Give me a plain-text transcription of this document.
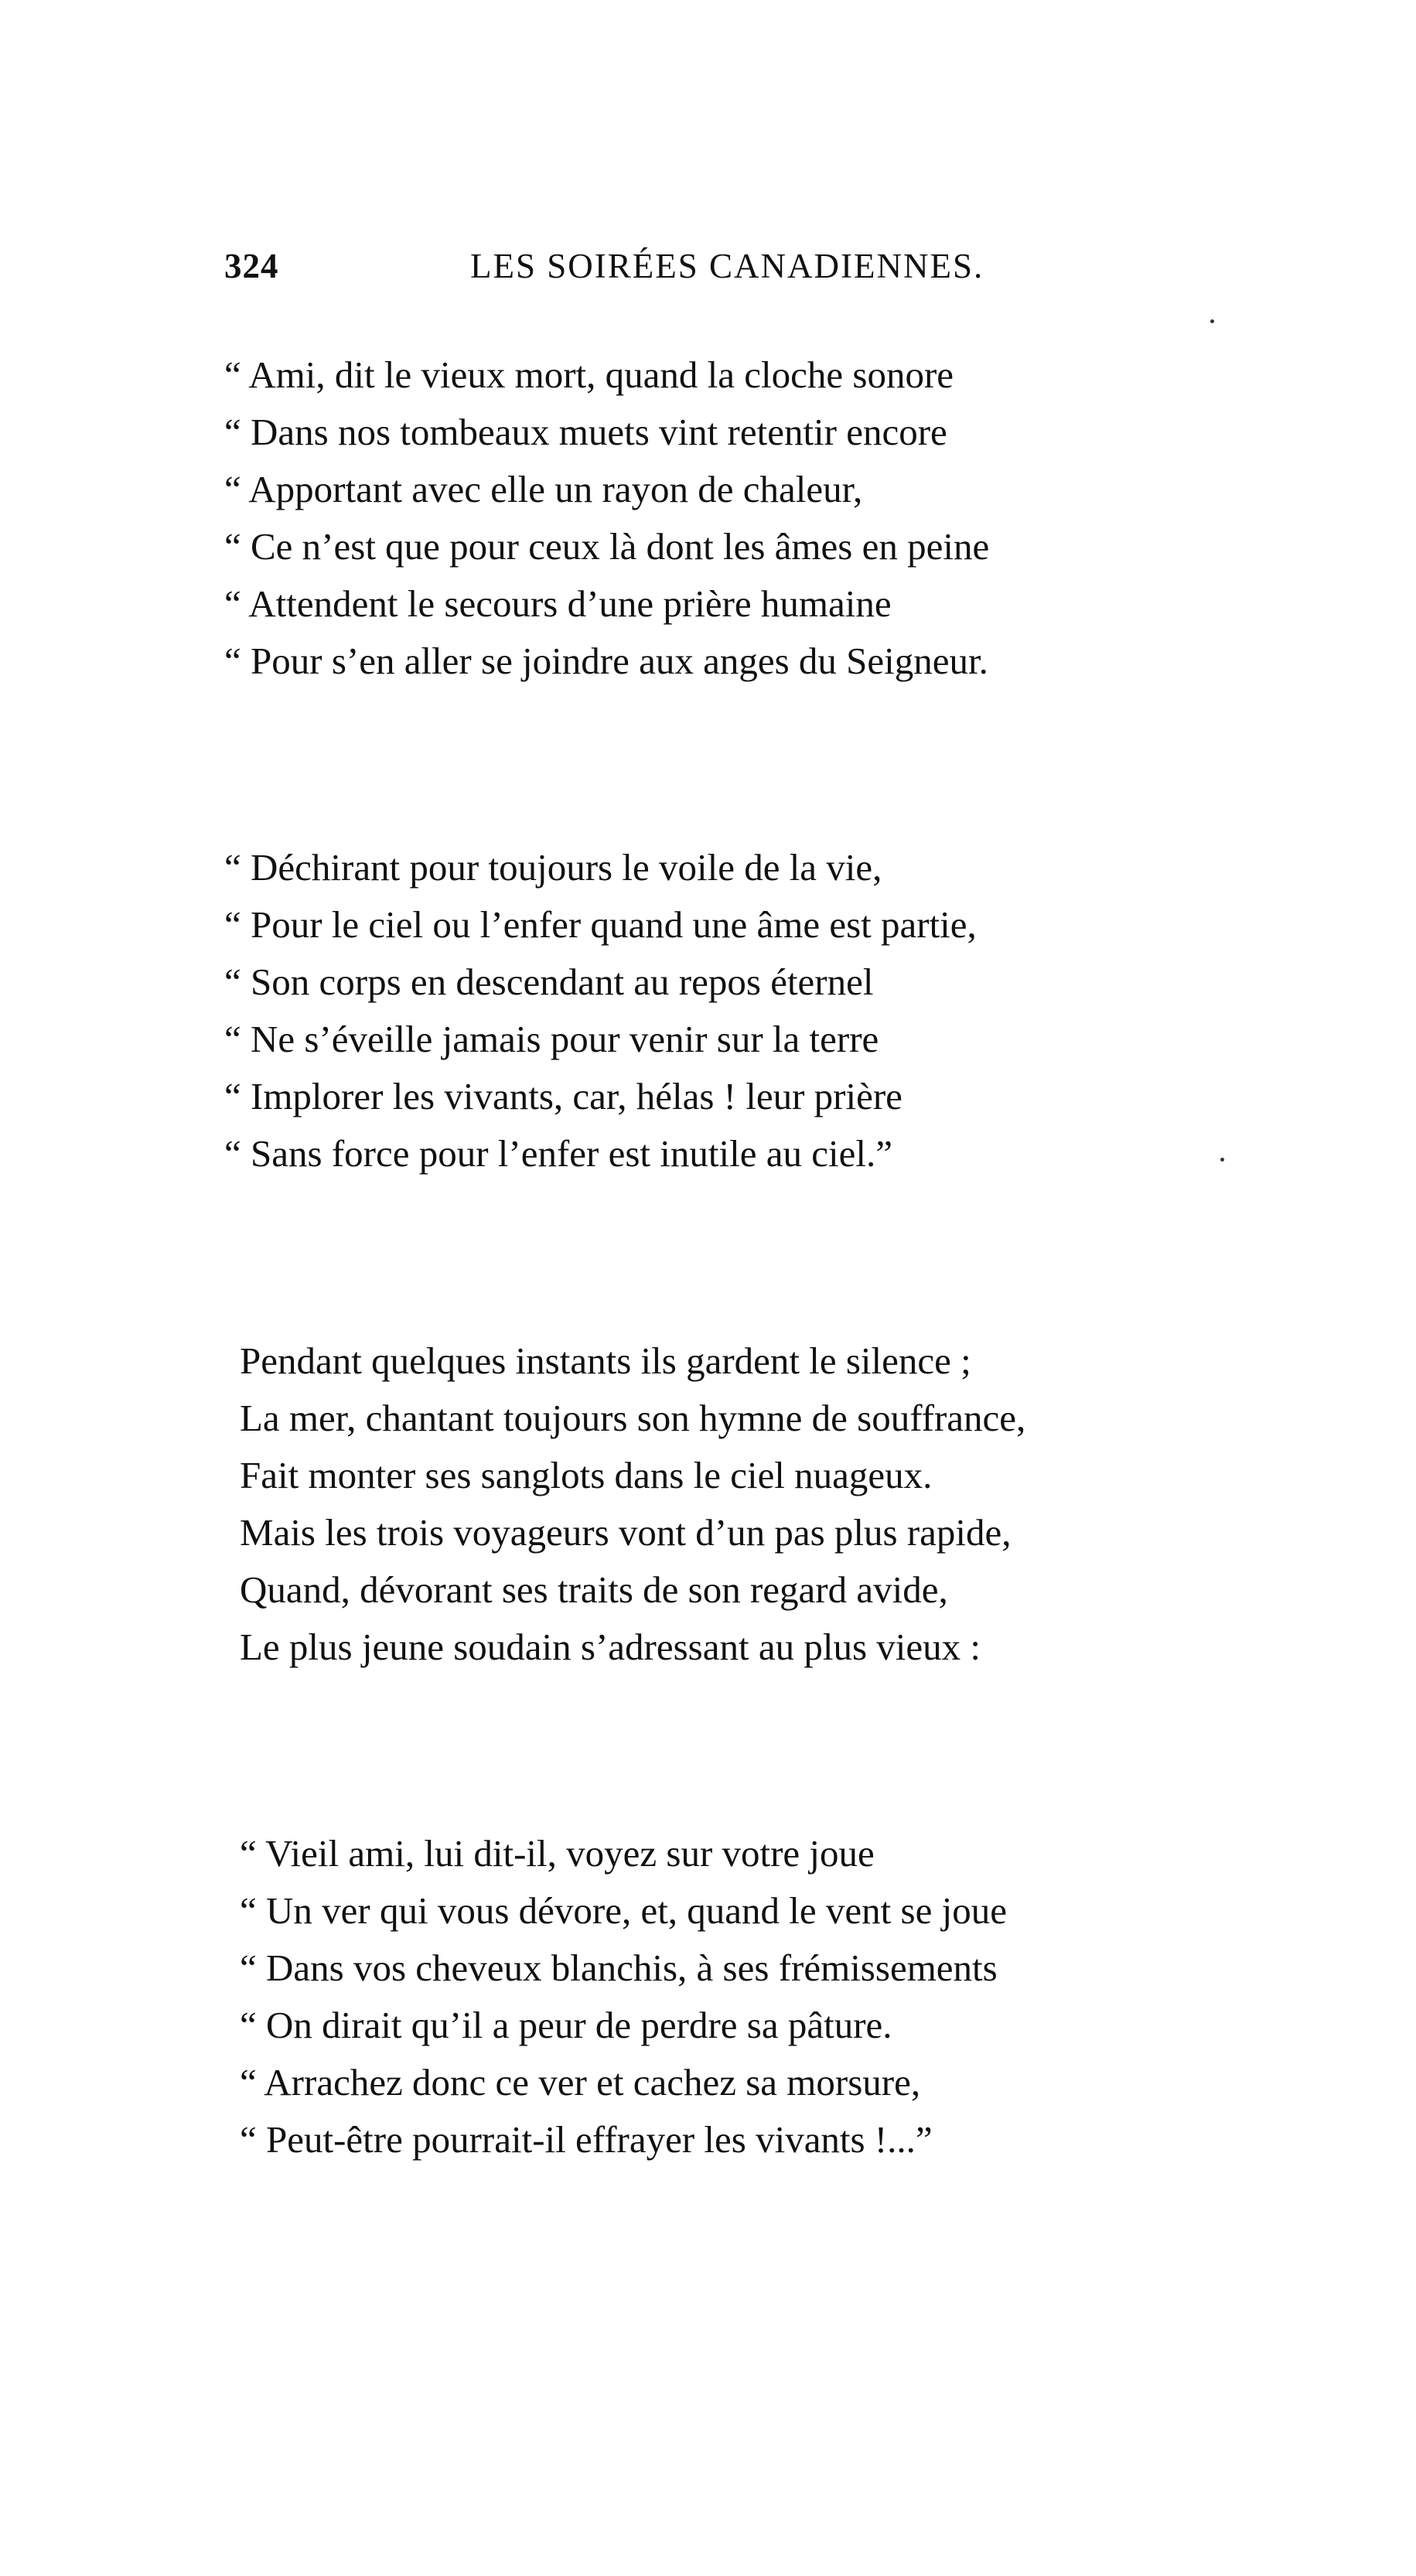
324	LES SOIRÉES CANADIENNES.
“ Ami, dit le vieux mort, quand la cloche sonore
“ Dans nos tombeaux muets vint retentir encore
“ Apportant avec elle un rayon de chaleur,
“ Ce n’est que pour ceux là dont les âmes en peine
“ Attendent le secours d’une prière humaine
“ Pour s’en aller se joindre aux anges du Seigneur.
“ Déchirant pour toujours le voile de la vie,
“ Pour le ciel ou l’enfer quand une âme est partie,
“ Son corps en descendant au repos éternel
“ Ne s’éveille jamais pour venir sur la terre
“ Implorer les vivants, car, hélas ! leur prière
“ Sans force pour l’enfer est inutile au ciel.”
Pendant quelques instants ils gardent le silence ;
La mer, chantant toujours son hymne de souffrance,
Fait monter ses sanglots dans le ciel nuageux.
Mais les trois voyageurs vont d’un pas plus rapide,
Quand, dévorant ses traits de son regard avide,
Le plus jeune soudain s’adressant au plus vieux :
“ Vieil ami, lui dit-il, voyez sur votre joue
“ Un ver qui vous dévore, et, quand le vent se joue
“ Dans vos cheveux blanchis, à ses frémissements
“ On dirait qu’il a peur de perdre sa pâture.
“ Arrachez donc ce ver et cachez sa morsure,
“ Peut-être pourrait-il effrayer les vivants !...”
